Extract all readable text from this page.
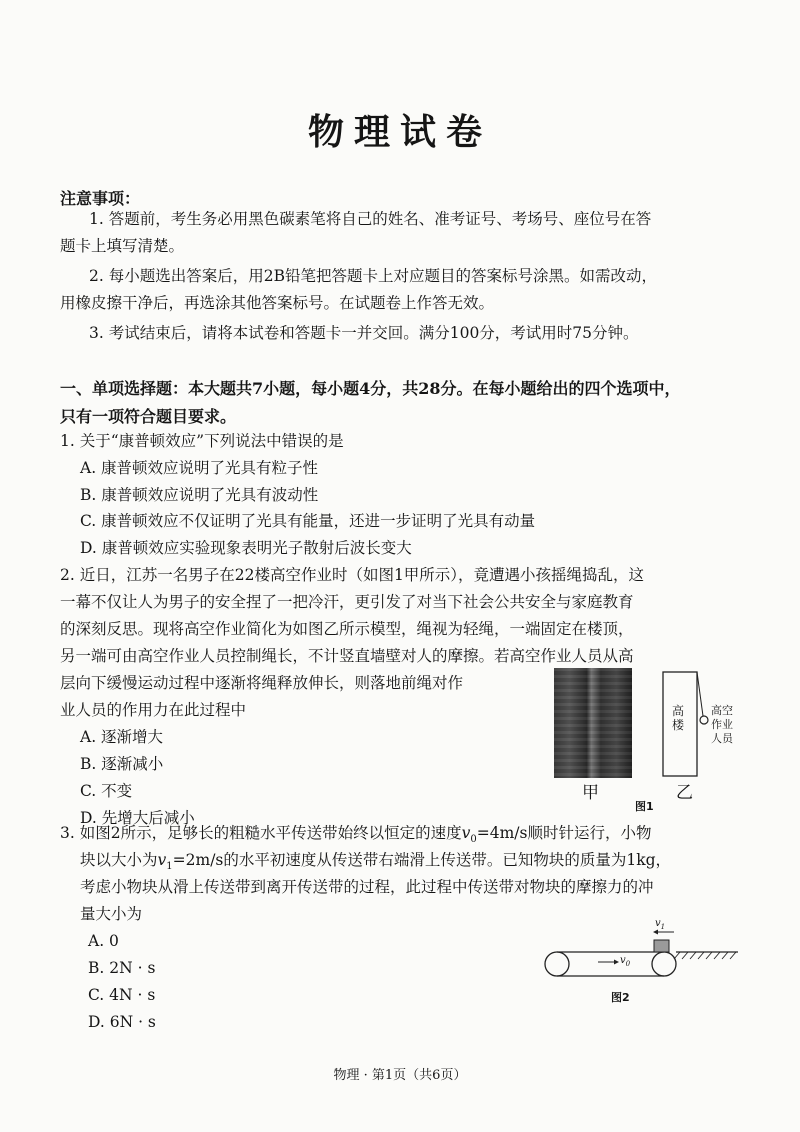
物理试卷
注意事项：
1. 答题前，考生务必用黑色碳素笔将自己的姓名、准考证号、考场号、座位号在答
题卡上填写清楚。
2. 每小题选出答案后，用2B铅笔把答题卡上对应题目的答案标号涂黑。如需改动，
用橡皮擦干净后，再选涂其他答案标号。在试题卷上作答无效。
3. 考试结束后，请将本试卷和答题卡一并交回。满分100分，考试用时75分钟。
一、单项选择题：本大题共7小题，每小题4分，共28分。在每小题给出的四个选项中，
只有一项符合题目要求。
1. 关于“康普顿效应”下列说法中错误的是
A. 康普顿效应说明了光具有粒子性
B. 康普顿效应说明了光具有波动性
C. 康普顿效应不仅证明了光具有能量，还进一步证明了光具有动量
D. 康普顿效应实验现象表明光子散射后波长变大
2. 近日，江苏一名男子在22楼高空作业时（如图1甲所示），竟遭遇小孩摇绳捣乱，这
一幕不仅让人为男子的安全捏了一把冷汗，更引发了对当下社会公共安全与家庭教育
的深刻反思。现将高空作业简化为如图乙所示模型，绳视为轻绳，一端固定在楼顶，
另一端可由高空作业人员控制绳长，不计竖直墙壁对人的摩擦。若高空作业人员从高
层向下缓慢运动过程中逐渐将绳释放伸长，则落地前绳对作
业人员的作用力在此过程中
A. 逐渐增大
B. 逐渐减小
C. 不变
D. 先增大后减小
甲	乙
高
楼
高空
作业
人员
图1
3. 如图2所示，足够长的粗糙水平传送带始终以恒定的速度$v_0=4m/s$顺时针运行，小物
块以大小为$v_1=2m/s$的水平初速度从传送带右端滑上传送带。已知物块的质量为1kg，
考虑小物块从滑上传送带到离开传送带的过程，此过程中传送带对物块的摩擦力的冲
量大小为
A. 0
B. 2N · s
C. 4N · s
D. 6N · s
$v_1$
$v_0$
图2
物理 · 第1页（共6页）
